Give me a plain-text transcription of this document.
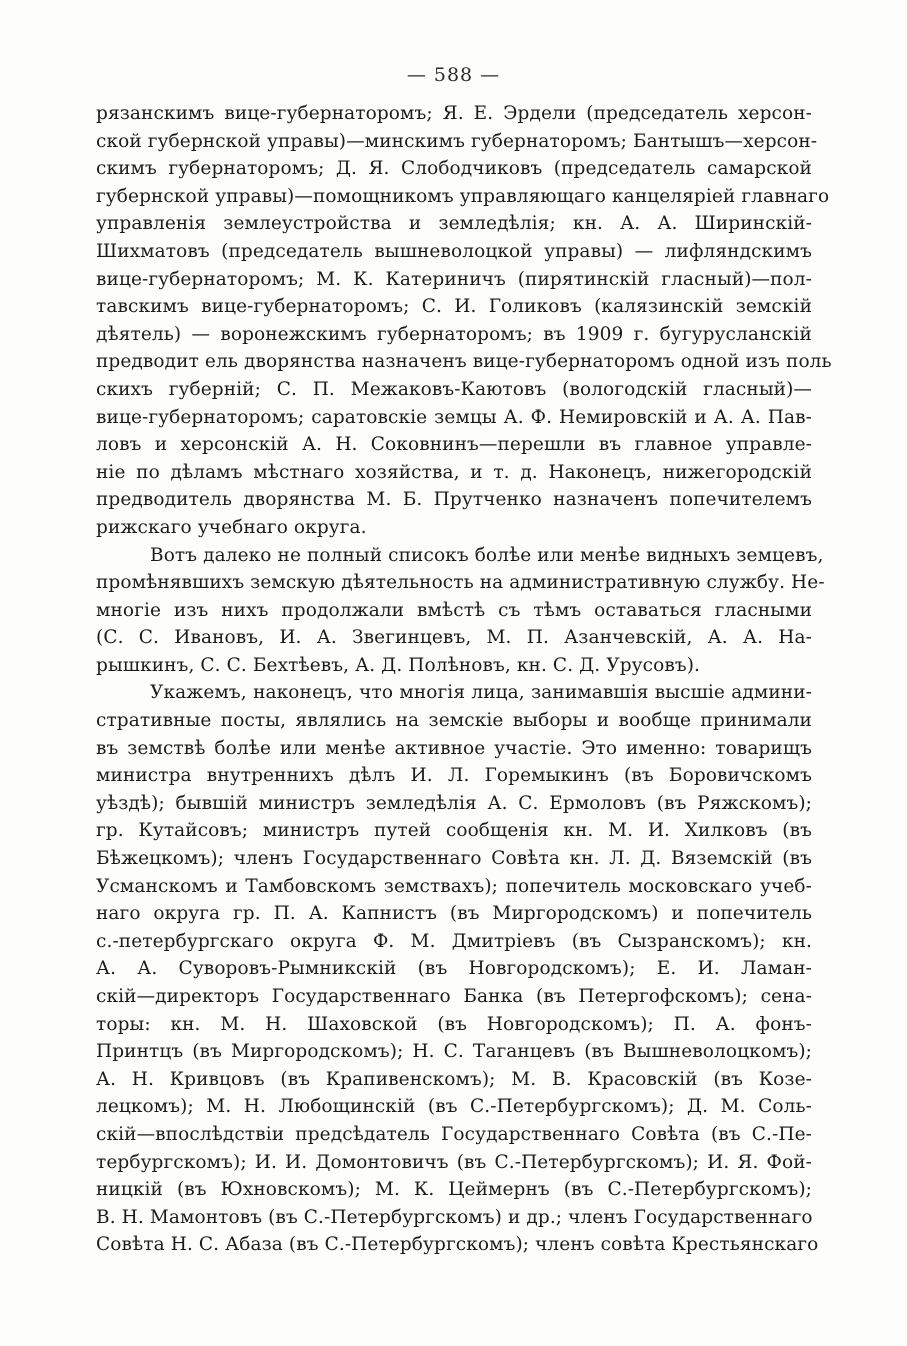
— 588 —
рязанскимъ вице-губернаторомъ; Я. Е. Эрдели (председатель херсон-
ской губернской управы)—минскимъ губернаторомъ; Бантышъ—херсон-
скимъ губернаторомъ; Д. Я. Слободчиковъ (председатель самарской
губернской управы)—помощникомъ управляющаго канцеляріей главнаго
управленія землеустройства и земледѣлія; кн. А. А. Ширинскій-
Шихматовъ (председатель вышневолоцкой управы) — лифляндскимъ
вице-губернаторомъ; М. К. Катериничъ (пирятинскій гласный)—пол-
тавскимъ вице-губернаторомъ; С. И. Голиковъ (калязинскій земскій
дѣятель) — воронежскимъ губернаторомъ; въ 1909 г. бугурусланскій
предводит ель дворянства назначенъ вице-губернаторомъ одной изъ поль
скихъ губерній; С. П. Межаковъ-Каютовъ (вологодскій гласный)—
вице-губернаторомъ; саратовскіе земцы А. Ф. Немировскій и А. А. Пав-
ловъ и херсонскій А. Н. Соковнинъ—перешли въ главное управле-
ніе по дѣламъ мѣстнаго хозяйства, и т. д. Наконецъ, нижегородскій
предводитель дворянства М. Б. Прутченко назначенъ попечителемъ
рижскаго учебнаго округа.
Вотъ далеко не полный списокъ болѣе или менѣе видныхъ земцевъ,
промѣнявшихъ земскую дѣятельность на административную службу. Не-
многіе изъ нихъ продолжали вмѣстѣ съ тѣмъ оставаться гласными
(С. С. Ивановъ, И. А. Звегинцевъ, М. П. Азанчевскій, А. А. На-
рышкинъ, С. С. Бехтѣевъ, А. Д. Полѣновъ, кн. С. Д. Урусовъ).
Укажемъ, наконецъ, что многія лица, занимавшія высшіе админи-
стративные посты, являлись на земскіе выборы и вообще принимали
въ земствѣ болѣе или менѣе активное участіе. Это именно: товарищъ
министра внутреннихъ дѣлъ И. Л. Горемыкинъ (въ Боровичскомъ
уѣздѣ); бывшій министръ земледѣлія А. С. Ермоловъ (въ Ряжскомъ);
гр. Кутайсовъ; министръ путей сообщенія кн. М. И. Хилковъ (въ
Бѣжецкомъ); членъ Государственнаго Совѣта кн. Л. Д. Вяземскій (въ
Усманскомъ и Тамбовскомъ земствахъ); попечитель московскаго учеб-
наго округа гр. П. А. Капнистъ (въ Миргородскомъ) и попечитель
с.-петербургскаго округа Ф. М. Дмитріевъ (въ Сызранскомъ); кн.
А. А. Суворовъ-Рымникскій (въ Новгородскомъ); Е. И. Ламан-
скій—директоръ Государственнаго Банка (въ Петергофскомъ); сена-
торы: кн. М. Н. Шаховской (въ Новгородскомъ); П. А. фонъ-
Принтцъ (въ Миргородскомъ); Н. С. Таганцевъ (въ Вышневолоцкомъ);
А. Н. Кривцовъ (въ Крапивенскомъ); М. В. Красовскій (въ Козе-
лецкомъ); М. Н. Любощинскій (въ С.-Петербургскомъ); Д. М. Соль-
скій—впослѣдствіи предсѣдатель Государственнаго Совѣта (въ С.-Пе-
тербургскомъ); И. И. Домонтовичъ (въ С.-Петербургскомъ); И. Я. Фой-
ницкій (въ Юхновскомъ); М. К. Цеймернъ (въ С.-Петербургскомъ);
В. Н. Мамонтовъ (въ С.-Петербургскомъ) и др.; членъ Государственнаго
Совѣта Н. С. Абаза (въ С.-Петербургскомъ); членъ совѣта Крестьянскаго
